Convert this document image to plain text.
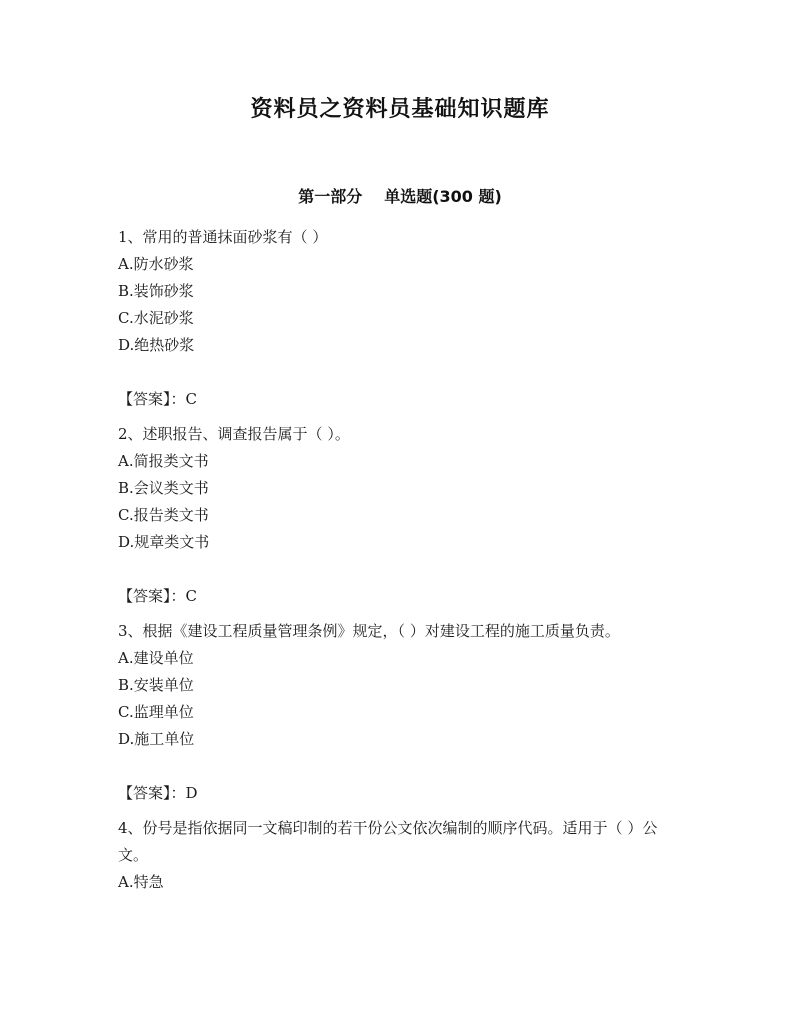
资料员之资料员基础知识题库
第一部分 单选题(300 题)

1、常用的普通抹面砂浆有（ ）

A.防水砂浆

B.装饰砂浆

C.水泥砂浆

D.绝热砂浆

【答案】：C

2、述职报告、调查报告属于（ ）。

A.简报类文书

B.会议类文书

C.报告类文书

D.规章类文书

【答案】：C

3、根据《建设工程质量管理条例》规定，（ ）对建设工程的施工质量负责。

A.建设单位

B.安装单位

C.监理单位

D.施工单位

【答案】：D

4、份号是指依据同一文稿印制的若干份公文依次编制的顺序代码。适用于（ ）公文。

A.特急
